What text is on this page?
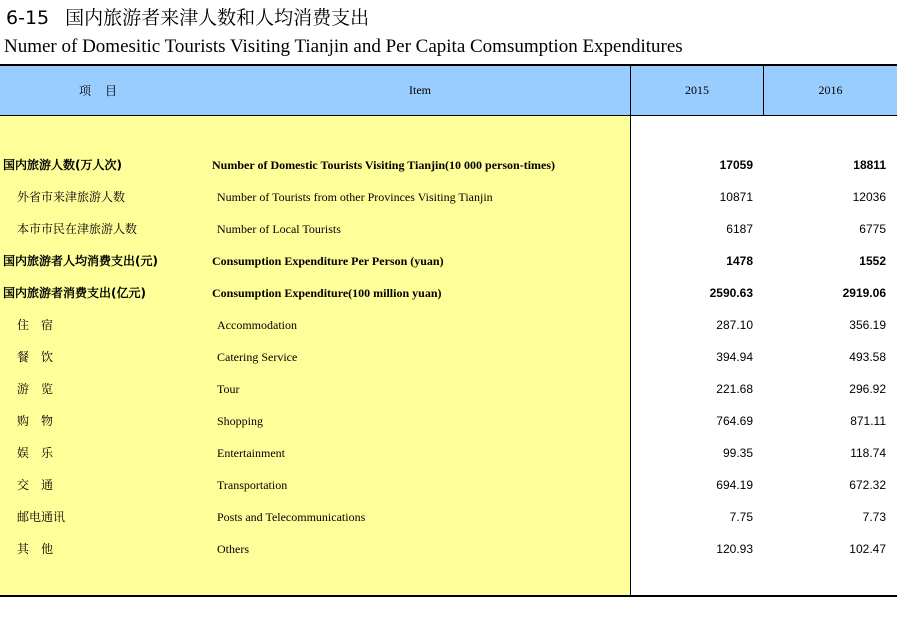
6-15 国内旅游者来津人数和人均消费支出
Numer of Domesitic Tourists Visiting Tianjin and Per Capita Comsumption Expenditures
项目	Item	2015	2016
国内旅游人数(万人次)	Number of Domestic Tourists Visiting Tianjin(10 000 person-times)	17059	18811
外省市来津旅游人数	Number of Tourists from other Provinces Visiting Tianjin	10871	12036
本市市民在津旅游人数	Number of Local Tourists	6187	6775
国内旅游者人均消费支出(元)	Consumption Expenditure Per Person (yuan)	1478	1552
国内旅游者消费支出(亿元)	Consumption Expenditure(100 million yuan)	2590.63	2919.06
住　宿	Accommodation	287.10	356.19
餐　饮	Catering Service	394.94	493.58
游　览	Tour	221.68	296.92
购　物	Shopping	764.69	871.11
娱　乐	Entertainment	99.35	118.74
交　通	Transportation	694.19	672.32
邮电通讯	Posts and Telecommunications	7.75	7.73
其　他	Others	120.93	102.47
